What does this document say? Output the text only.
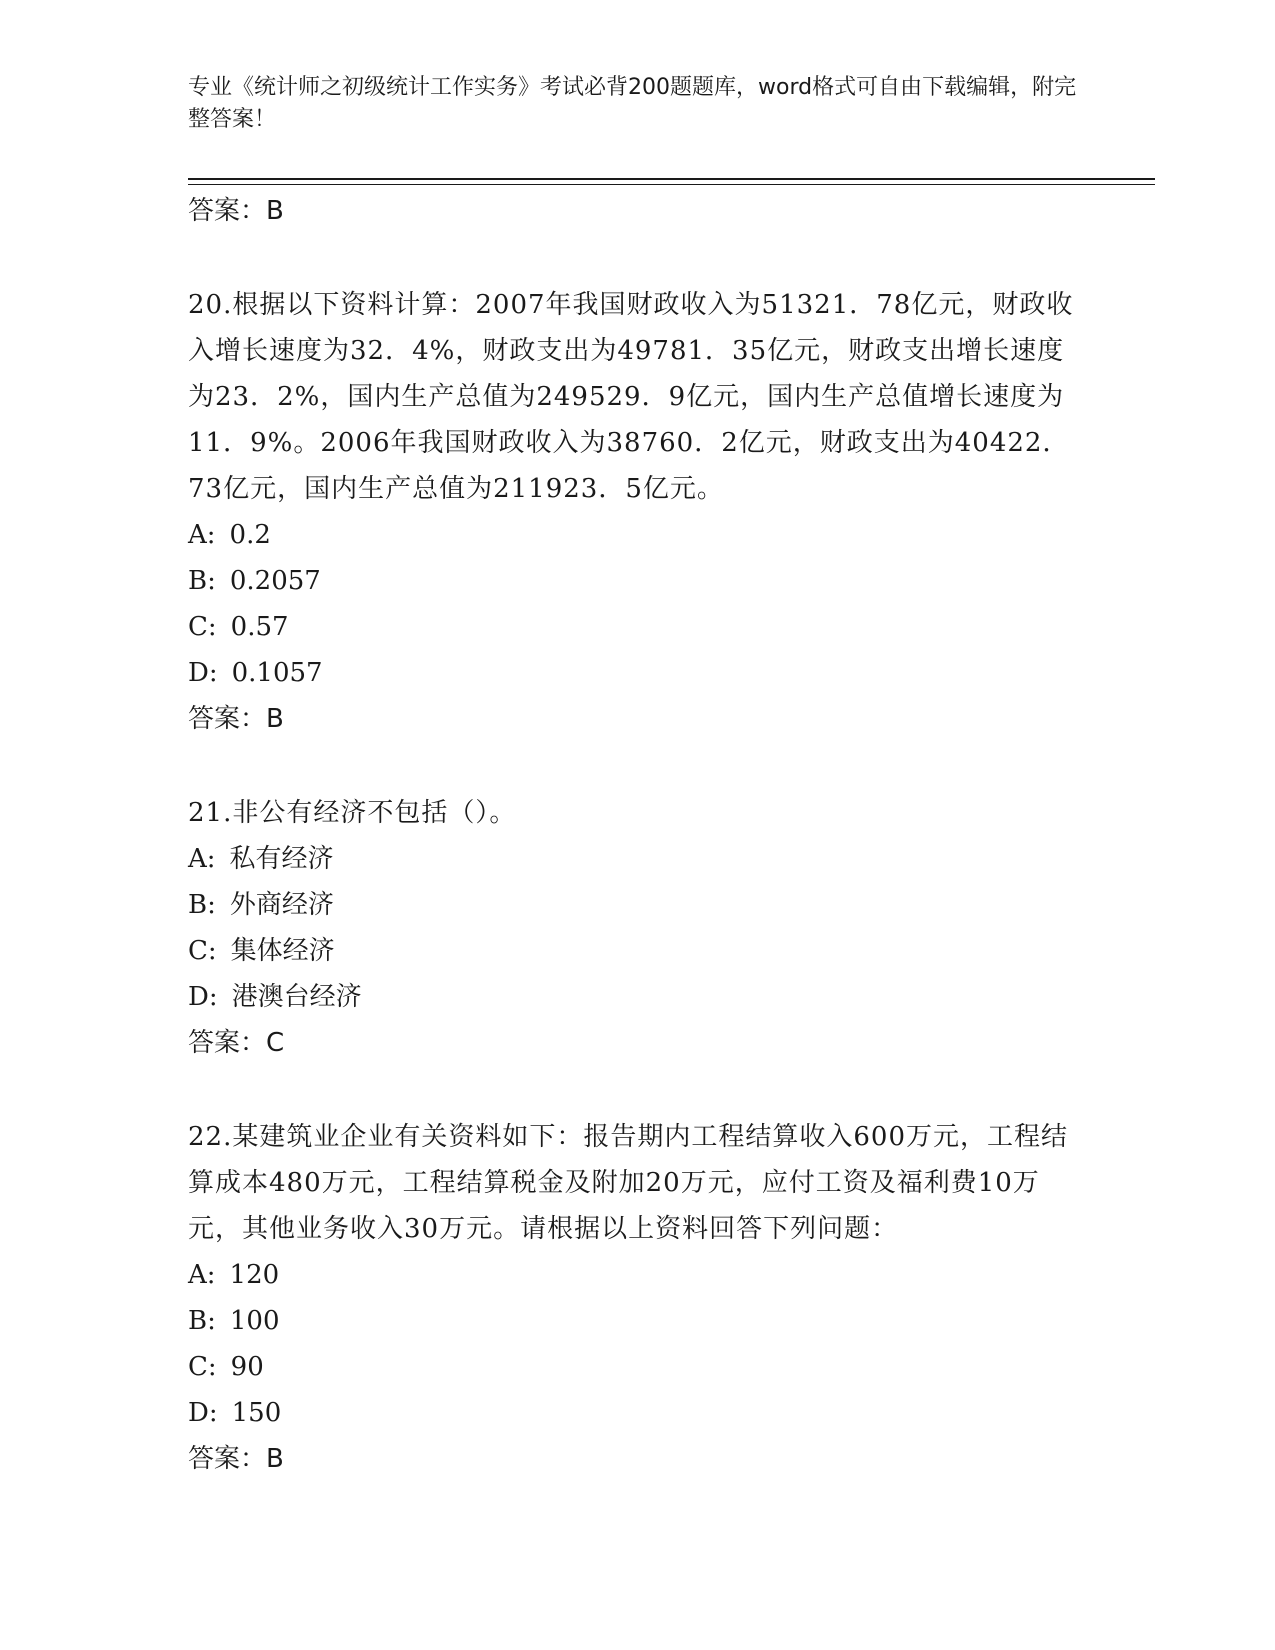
专业《统计师之初级统计工作实务》考试必背200题题库，word格式可自由下载编辑，附完整答案！
答案：B
20.根据以下资料计算：2007年我国财政收入为51321．78亿元，财政收入增长速度为32．4%，财政支出为49781．35亿元，财政支出增长速度为23．2%，国内生产总值为249529．9亿元，国内生产总值增长速度为11．9%。2006年我国财政收入为38760．2亿元，财政支出为40422．73亿元，国内生产总值为211923．5亿元。
A: 0.2
B: 0.2057
C: 0.57
D: 0.1057
答案：B
21.非公有经济不包括（）。
A: 私有经济
B: 外商经济
C: 集体经济
D: 港澳台经济
答案：C
22.某建筑业企业有关资料如下：报告期内工程结算收入600万元，工程结算成本480万元，工程结算税金及附加20万元，应付工资及福利费10万元，其他业务收入30万元。请根据以上资料回答下列问题：
A: 120
B: 100
C: 90
D: 150
答案：B
